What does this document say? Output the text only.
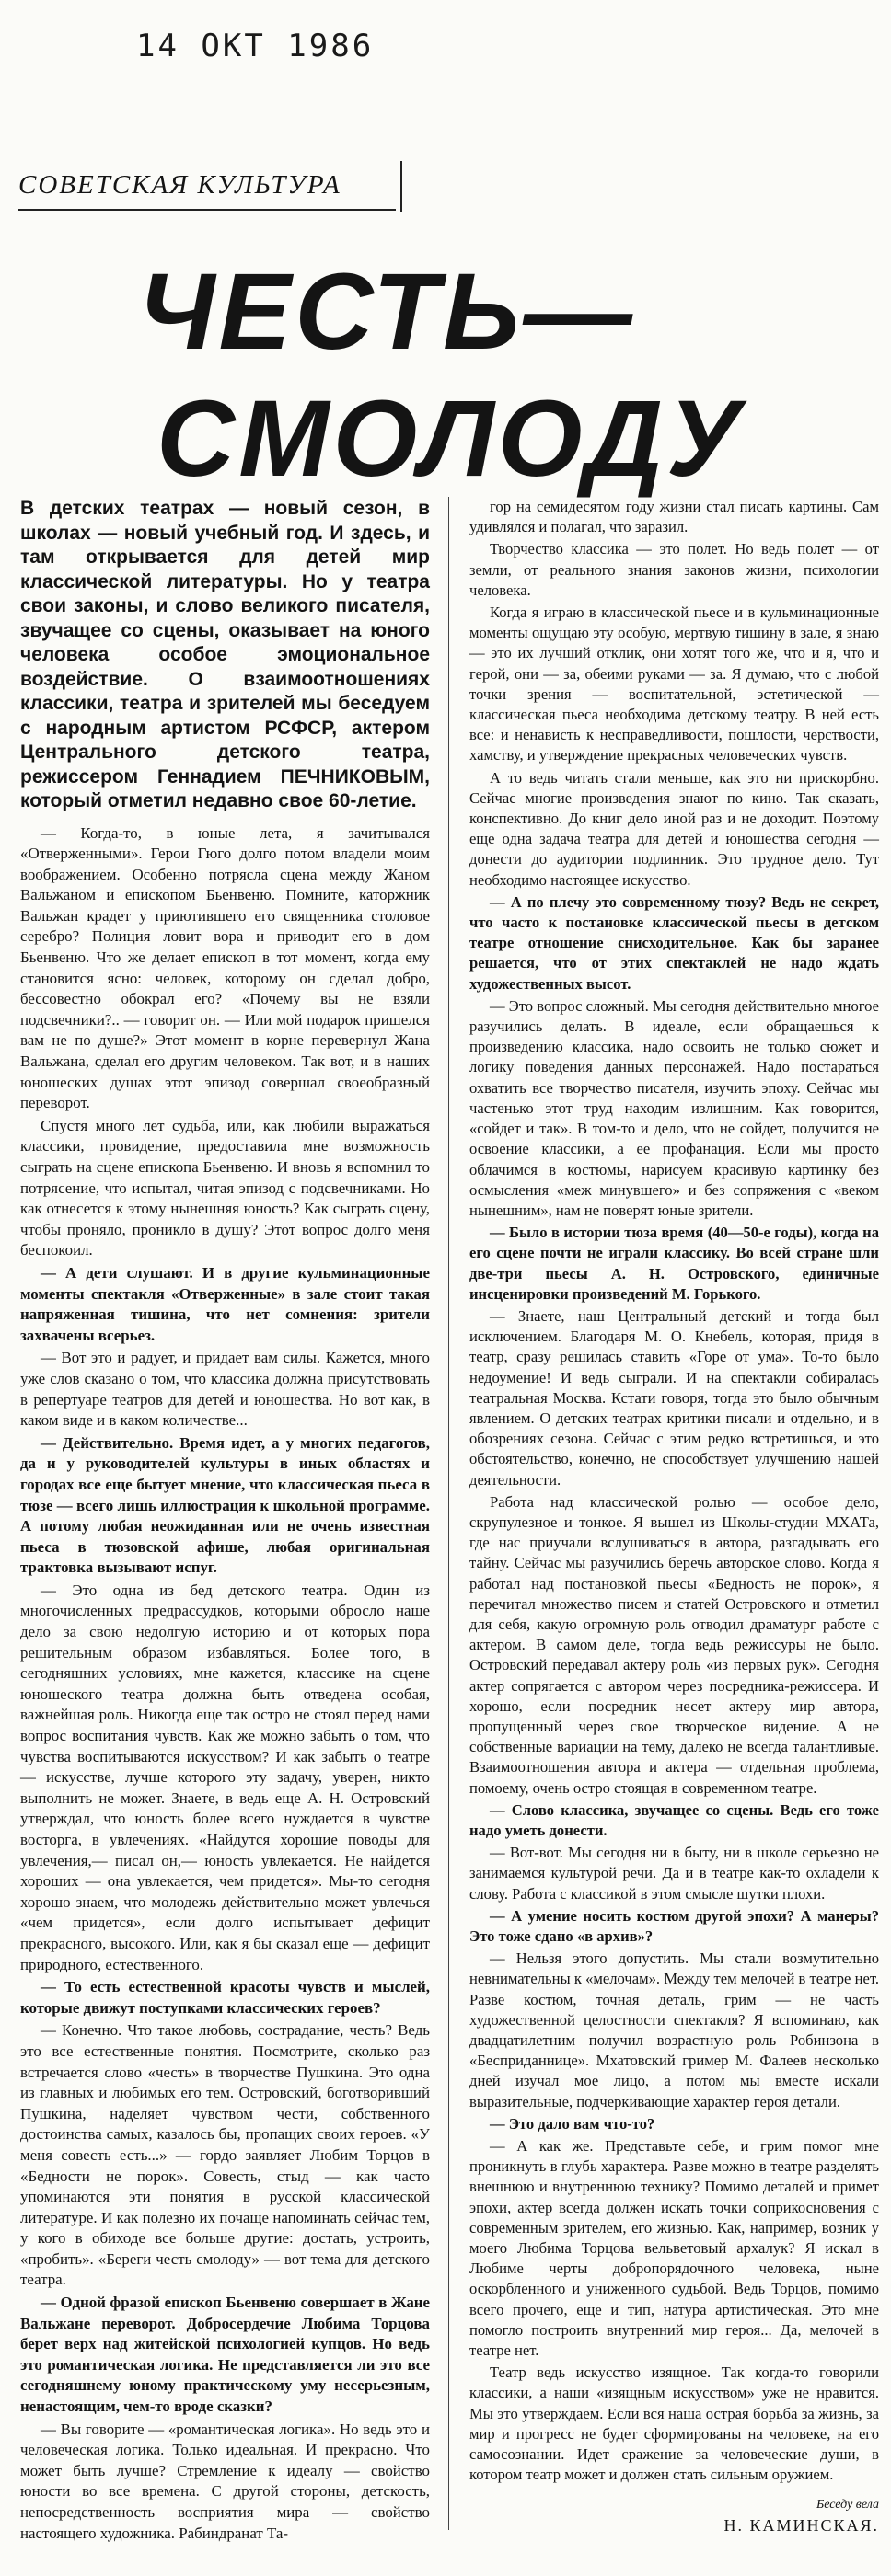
14 ОКТ 1986
СОВЕТСКАЯ КУЛЬТУРА
ЧЕСТЬ—
СМОЛОДУ
В детских театрах — новый сезон, в школах — новый учебный год. И здесь, и там открывается для детей мир классической литературы. Но у театра свои законы, и слово великого писателя, звучащее со сцены, оказывает на юного человека особое эмоциональное воздействие. О взаимоотношениях классики, театра и зрителей мы беседуем с народным артистом РСФСР, актером Центрального детского театра, режиссером Геннадием ПЕЧНИКОВЫМ, который отметил недавно свое 60-летие.

— Когда-то, в юные лета, я зачитывался «Отверженными». Герои Гюго долго потом владели моим воображением. Особенно потрясла сцена между Жаном Вальжаном и епископом Бьенвеню. Помните, каторжник Вальжан крадет у приютившего его священника столовое серебро? Полиция ловит вора и приводит его в дом Бьенвеню. Что же делает епископ в тот момент, когда ему становится ясно: человек, которому он сделал добро, бессовестно обокрал его? «Почему вы не взяли подсвечники?.. — говорит он. — Или мой подарок пришелся вам не по душе?» Этот момент в корне перевернул Жана Вальжана, сделал его другим человеком. Так вот, и в наших юношеских душах этот эпизод совершал своеобразный переворот.

Спустя много лет судьба, или, как любили выражаться классики, провидение, предоставила мне возможность сыграть на сцене епископа Бьенвеню. И вновь я вспомнил то потрясение, что испытал, читая эпизод с подсвечниками. Но как отнесется к этому нынешняя юность? Как сыграть сцену, чтобы проняло, проникло в душу? Этот вопрос долго меня беспокоил.

— А дети слушают. И в другие кульминационные моменты спектакля «Отверженные» в зале стоит такая напряженная тишина, что нет сомнения: зрители захвачены всерьез.

— Вот это и радует, и придает вам силы. Кажется, много уже слов сказано о том, что классика должна присутствовать в репертуаре театров для детей и юношества. Но вот как, в каком виде и в каком количестве...

— Действительно. Время идет, а у многих педагогов, да и у руководителей культуры в иных областях и городах все еще бытует мнение, что классическая пьеса в тюзе — всего лишь иллюстрация к школьной программе. А потому любая неожиданная или не очень известная пьеса в тюзовской афише, любая оригинальная трактовка вызывают испуг.

— Это одна из бед детского театра. Один из многочисленных предрассудков, которыми обросло наше дело за свою недолгую историю и от которых пора решительным образом избавляться. Более того, в сегодняшних условиях, мне кажется, классике на сцене юношеского театра должна быть отведена особая, важнейшая роль. Никогда еще так остро не стоял перед нами вопрос воспитания чувств. Как же можно забыть о том, что чувства воспитываются искусством? И как забыть о театре — искусстве, лучше которого эту задачу, уверен, никто выполнить не может. Знаете, в ведь еще А. Н. Островский утверждал, что юность более всего нуждается в чувстве восторга, в увлечениях. «Найдутся хорошие поводы для увлечения,— писал он,— юность увлекается. Не найдется хороших — она увлекается, чем придется». Мы-то сегодня хорошо знаем, что молодежь действительно может увлечься «чем придется», если долго испытывает дефицит прекрасного, высокого. Или, как я бы сказал еще — дефицит природного, естественного.

— То есть естественной красоты чувств и мыслей, которые движут поступками классических героев?

— Конечно. Что такое любовь, сострадание, честь? Ведь это все естественные понятия. Посмотрите, сколько раз встречается слово «честь» в творчестве Пушкина. Это одна из главных и любимых его тем. Островский, боготворивший Пушкина, наделяет чувством чести, собственного достоинства самых, казалось бы, пропащих своих героев. «У меня совесть есть...» — гордо заявляет Любим Торцов в «Бедности не порок». Совесть, стыд — как часто упоминаются эти понятия в русской классической литературе. И как полезно их почаще напоминать сейчас тем, у кого в обиходе все больше другие: достать, устроить, «пробить». «Береги честь смолоду» — вот тема для детского театра.

— Одной фразой епископ Бьенвеню совершает в Жане Вальжане переворот. Добросердечие Любима Торцова берет верх над житейской психологией купцов. Но ведь это романтическая логика. Не представляется ли это все сегодняшнему юному практическому уму несерьезным, ненастоящим, чем-то вроде сказки?

— Вы говорите — «романтическая логика». Но ведь это и человеческая логика. Только идеальная. И прекрасно. Что может быть лучше? Стремление к идеалу — свойство юности во все времена. С другой стороны, детскость, непосредственность восприятия мира — свойство настоящего художника. Рабиндранат Та-

гор на семидесятом году жизни стал писать картины. Сам удивлялся и полагал, что заразил.

Творчество классика — это полет. Но ведь полет — от земли, от реального знания законов жизни, психологии человека.

Когда я играю в классической пьесе и в кульминационные моменты ощущаю эту особую, мертвую тишину в зале, я знаю — это их лучший отклик, они хотят того же, что и я, что и герой, они — за, обеими руками — за. Я думаю, что с любой точки зрения — воспитательной, эстетической — классическая пьеса необходима детскому театру. В ней есть все: и ненависть к несправедливости, пошлости, черствости, хамству, и утверждение прекрасных человеческих чувств.

А то ведь читать стали меньше, как это ни прискорбно. Сейчас многие произведения знают по кино. Так сказать, конспективно. До книг дело иной раз и не доходит. Поэтому еще одна задача театра для детей и юношества сегодня — донести до аудитории подлинник. Это трудное дело. Тут необходимо настоящее искусство.

— А по плечу это современному тюзу? Ведь не секрет, что часто к постановке классической пьесы в детском театре отношение снисходительное. Как бы заранее решается, что от этих спектаклей не надо ждать художественных высот.

— Это вопрос сложный. Мы сегодня действительно многое разучились делать. В идеале, если обращаешься к произведению классика, надо освоить не только сюжет и логику поведения данных персонажей. Надо постараться охватить все творчество писателя, изучить эпоху. Сейчас мы частенько этот труд находим излишним. Как говорится, «сойдет и так». В том-то и дело, что не сойдет, получится не освоение классики, а ее профанация. Если мы просто облачимся в костюмы, нарисуем красивую картинку без осмысления «меж минувшего» и без сопряжения с «веком нынешним», нам не поверят юные зрители.

— Было в истории тюза время (40—50-е годы), когда на его сцене почти не играли классику. Во всей стране шли две-три пьесы А. Н. Островского, единичные инсценировки произведений М. Горького.

— Знаете, наш Центральный детский и тогда был исключением. Благодаря М. О. Кнебель, которая, придя в театр, сразу решилась ставить «Горе от ума». То-то было недоумение! И ведь сыграли. И на спектакли собиралась театральная Москва. Кстати говоря, тогда это было обычным явлением. О детских театрах критики писали и отдельно, и в обозрениях сезона. Сейчас с этим редко встретишься, и это обстоятельство, конечно, не способствует улучшению нашей деятельности.

Работа над классической ролью — особое дело, скрупулезное и тонкое. Я вышел из Школы-студии МХАТа, где нас приучали вслушиваться в автора, разгадывать его тайну. Сейчас мы разучились беречь авторское слово. Когда я работал над постановкой пьесы «Бедность не порок», я перечитал множество писем и статей Островского и отметил для себя, какую огромную роль отводил драматург работе с актером. В самом деле, тогда ведь режиссуры не было. Островский передавал актеру роль «из первых рук». Сегодня актер сопрягается с автором через посредника-режиссера. И хорошо, если посредник несет актеру мир автора, пропущенный через свое творческое видение. А не собственные вариации на тему, далеко не всегда талантливые. Взаимоотношения автора и актера — отдельная проблема, помоему, очень остро стоящая в современном театре.

— Слово классика, звучащее со сцены. Ведь его тоже надо уметь донести.

— Вот-вот. Мы сегодня ни в быту, ни в школе серьезно не занимаемся культурой речи. Да и в театре как-то охладели к слову. Работа с классикой в этом смысле шутки плохи.

— А умение носить костюм другой эпохи? А манеры? Это тоже сдано «в архив»?

— Нельзя этого допустить. Мы стали возмутительно невнимательны к «мелочам». Между тем мелочей в театре нет. Разве костюм, точная деталь, грим — не часть художественной целостности спектакля? Я вспоминаю, как двадцатилетним получил возрастную роль Робинзона в «Бесприданнице». Мхатовский гример М. Фалеев несколько дней изучал мое лицо, а потом мы вместе искали выразительные, подчеркивающие характер героя детали.

— Это дало вам что-то?

— А как же. Представьте себе, и грим помог мне проникнуть в глубь характера. Разве можно в театре разделять внешнюю и внутреннюю технику? Помимо деталей и примет эпохи, актер всегда должен искать точки соприкосновения с современным зрителем, его жизнью. Как, например, возник у моего Любима Торцова вельветовый архалук? Я искал в Любиме черты добропорядочного человека, ныне оскорбленного и униженного судьбой. Ведь Торцов, помимо всего прочего, еще и тип, натура артистическая. Это мне помогло построить внутренний мир героя... Да, мелочей в театре нет.

Театр ведь искусство изящное. Так когда-то говорили классики, а наши «изящным искусством» уже не нравится. Мы это утверждаем. Если вся наша острая борьба за жизнь, за мир и прогресс не будет сформированы на человеке, на его самосознании. Идет сражение за человеческие души, в котором театр может и должен стать сильным оружием.

Беседу вела
Н. КАМИНСКАЯ.
